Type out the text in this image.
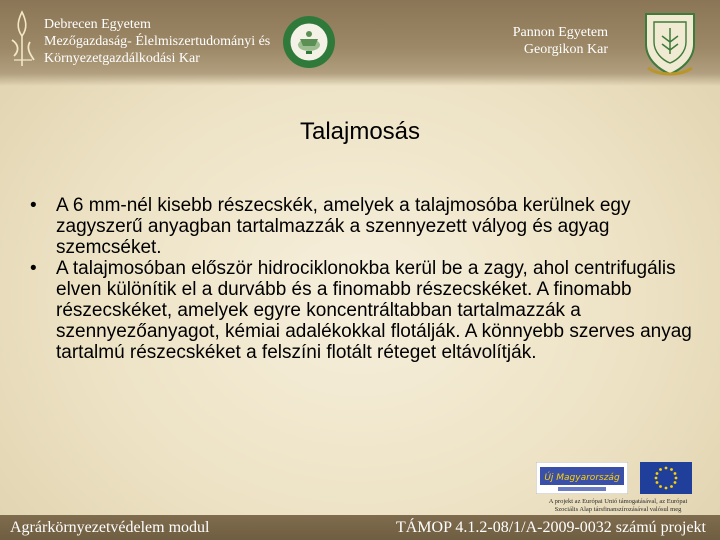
Debrecen Egyetem
Mezőgazdaság- Élelmiszertudományi és
Környezetgazdálkodási Kar
Pannon Egyetem
Georgikon Kar
Talajmosás
• A 6 mm-nél kisebb részecskék, amelyek a talajmosóba kerülnek egy zagyszerű anyagban tartalmazzák a szennyezett vályog és agyag szemcséket.
• A talajmosóban először hidrociklonokba kerül be a zagy, ahol centrifugális elven különítik el a durvább és a finomabb részecskéket. A finomabb részecskéket, amelyek egyre koncentráltabban tartalmazzák a szennyezőanyagot, kémiai adalékokkal flotálják. A könnyebb szerves anyag tartalmú részecskéket a felszíni flotált réteget eltávolítják.
Új Magyarország
A projekt az Európai Unió támogatásával, az Európai
Szociális Alap társfinanszírozásával valósul meg
Agrárkörnyezetvédelem modul	TÁMOP 4.1.2-08/1/A-2009-0032 számú projekt
